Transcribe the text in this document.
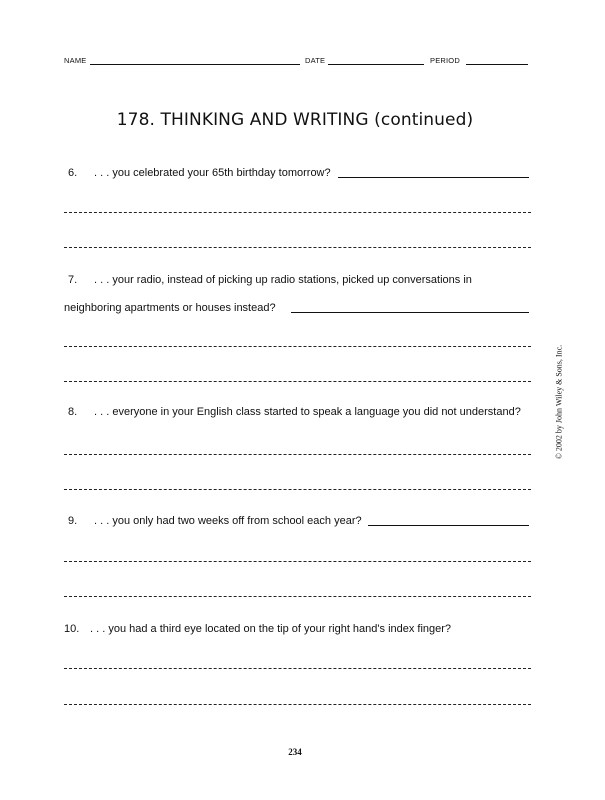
NAME	DATE	PERIOD
178. THINKING AND WRITING (continued)
6. . . . you celebrated your 65th birthday tomorrow?
7. . . . your radio, instead of picking up radio stations, picked up conversations in
neighboring apartments or houses instead?
8. . . . everyone in your English class started to speak a language you did not understand?
9. . . . you only had two weeks off from school each year?
10. . . . you had a third eye located on the tip of your right hand's index finger?
© 2002 by John Wiley & Sons, Inc.
234
